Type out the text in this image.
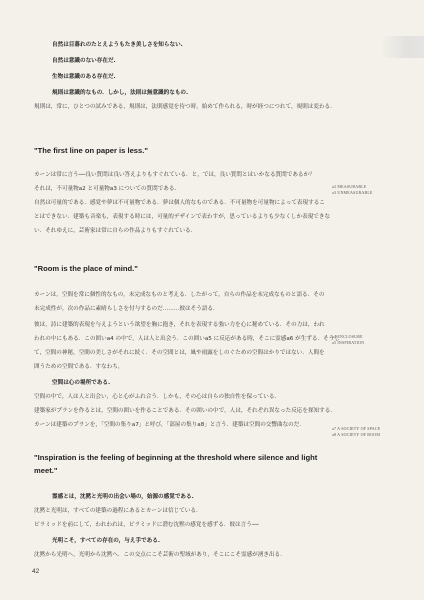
自然は目暮れのたとえようもたき美しさを知らない.
自然は意識のない存在だ.
生物は意識のある存在だ.
規則は意識的なもの．しかし，法則は無意識的なもの.
規則は，常に，ひとつの試みである，規則は，法則感覚を待つ時，始めて作られる，時が経つにつれて，規則は変わる.
"The first line on paper is less."
カーンは常に言う──良い質問は良い答えよりもすぐれている．と，では，良い質問とはいかなる質問であるか？
それは，不可量物a2 と可量物a3 についての質問である.
自然は可量的である．感覚や夢は不可量物である．夢は個人的なものである．不可量物を可量物によって表現するこ
とはできない．建築も音楽も，表現する時には，可量的デザインで表わすが，思っているよりも少なくしか表現できな
い．それゆえに，芸術家は常に自らの作品よりもすぐれている.
a2 MEASURABLE
a3 UNMEASURABLE
"Room is the place of mind."
カーンは，空間を常に個性的なもの，未完成なものと考える．したがって，自らの作品を未完成なものと語る．その
未完成性が，次の作品に素晴らしさを付与するのだ………彼はそう語る.
彼は，詩に建築的表現を与えようという欲望を胸に抱き，それを表現する強い力を心に秘めている．その力は，われ
われの中にもある．この囲いa4 の中で，人は人と出会う．この囲いa5 に反応がある時，そこに霊感a6 が生ずる．そうし
て，空間の神秘，空間の美しさがそれに続く．その空間とは，風や雨露をしのぐための空間はかりではない．人間を
囲うための空間である．すなわち，
a4 ENCLOSURE
a5 INSPIRATION
空間は心の場所である.
空間の中で，人は人と出会い，心と心がふれ合う．しかも，その心は自らの独自性を保っている.
建築家がプランを作るとは，空間の囲いを作ることである．その囲いの中で，人は，それぞれ異なった反応を探知する.
カーンは建築のプランを，「空間の集りa7」と呼び，「部屋の集りa8」と言う．建築は空間の交響曲なのだ.
a7 A SOCIETY OF SPACE
a8 A SOCIETY OF ROOM
"Inspiration is the feeling of beginning at the threshold where silence and light
meet."
霊感とは，沈黙と光明の出会い場の，始源の感覚である.
沈黙と光明は，すべての建築の過程にあるとカーンは信じている.
ピラミッドを前にして，われわれは，ピラミッドに潜む沈黙の感覚を感ずる．彼は言う──
光明こそ，すべての存在の，与え手である.
沈黙から光明へ，光明から沈黙へ．この交点にこそ芸術の聖域があり，そこにこそ霊感が湧き出る.
42
